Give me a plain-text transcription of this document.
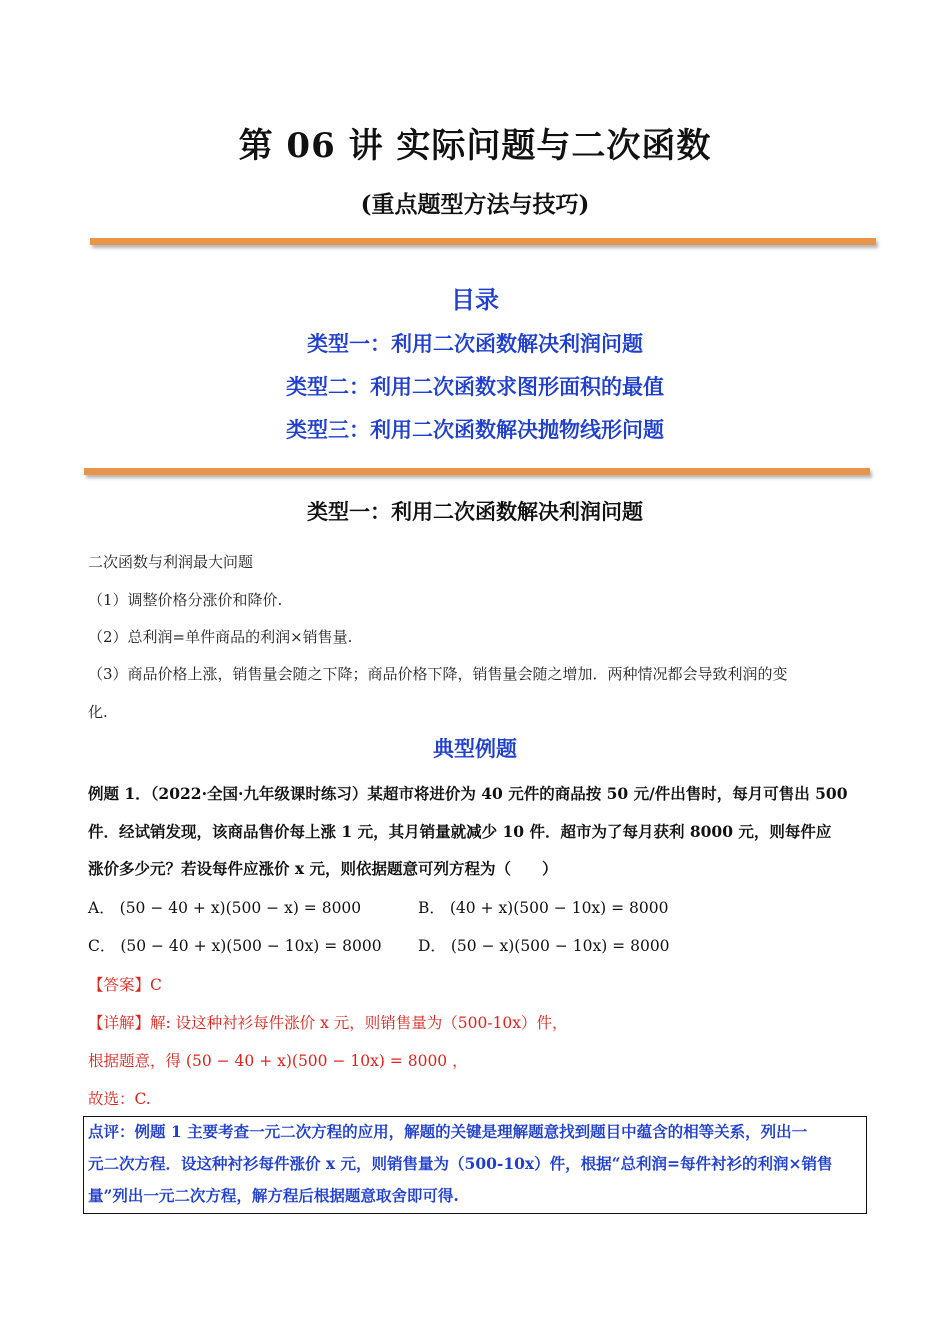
第 06 讲 实际问题与二次函数
(重点题型方法与技巧)
目录
类型一：利用二次函数解决利润问题
类型二：利用二次函数求图形面积的最值
类型三：利用二次函数解决抛物线形问题
类型一：利用二次函数解决利润问题
二次函数与利润最大问题
（1）调整价格分涨价和降价.
（2）总利润=单件商品的利润×销售量.
（3）商品价格上涨，销售量会随之下降；商品价格下降，销售量会随之增加．两种情况都会导致利润的变
化.
典型例题
例题 1．（2022·全国·九年级课时练习）某超市将进价为 40 元件的商品按 50 元/件出售时，每月可售出 500
件．经试销发现，该商品售价每上涨 1 元，其月销量就减少 10 件．超市为了每月获利 8000 元，则每件应
涨价多少元？若设每件应涨价 x 元，则依据题意可列方程为（　　）
A． (50 − 40 + x)(500 − x) = 8000	B． (40 + x)(500 − 10x) = 8000
C． (50 − 40 + x)(500 − 10x) = 8000 D． (50 − x)(500 − 10x) = 8000
【答案】C
【详解】解: 设这种衬衫每件涨价 x 元，则销售量为（500-10x）件，
根据题意，得 (50 − 40 + x)(500 − 10x) = 8000 ，
故选：C.
点评：例题 1 主要考查一元二次方程的应用，解题的关键是理解题意找到题目中蕴含的相等关系，列出一
元二次方程．设这种衬衫每件涨价 x 元，则销售量为（500-10x）件，根据“总利润=每件衬衫的利润×销售
量”列出一元二次方程，解方程后根据题意取舍即可得.
